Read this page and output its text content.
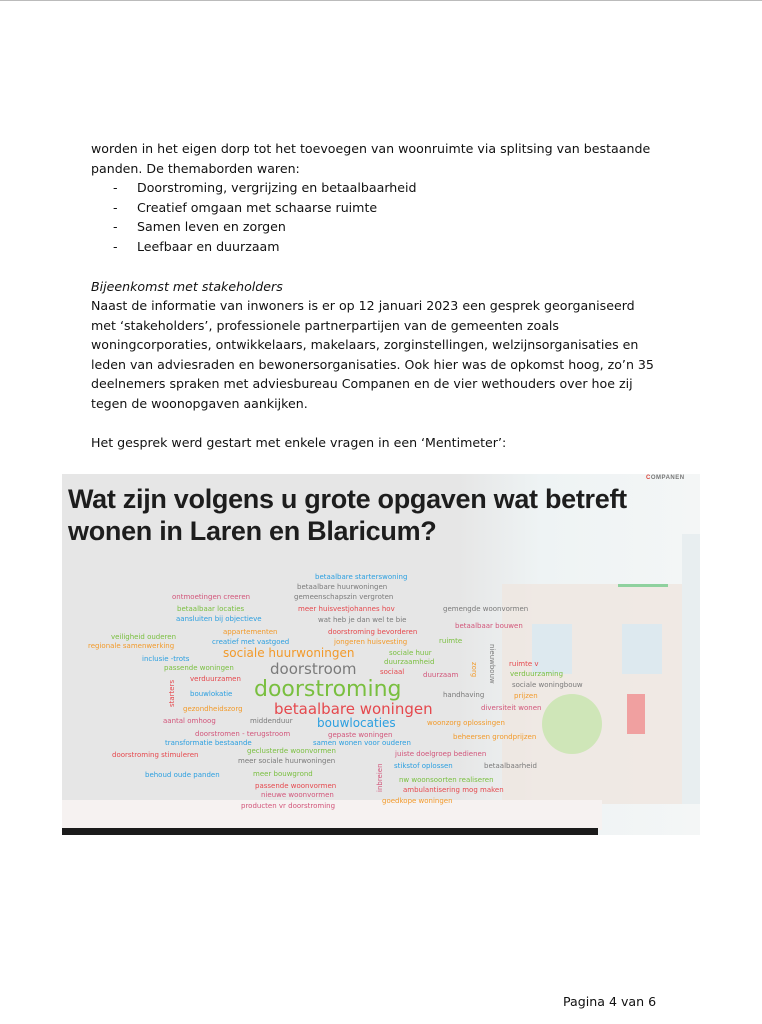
worden in het eigen dorp tot het toevoegen van woonruimte via splitsing van bestaande
panden. De themaborden waren:
- Doorstroming, vergrijzing en betaalbaarheid
- Creatief omgaan met schaarse ruimte
- Samen leven en zorgen
- Leefbaar en duurzaam
Bijeenkomst met stakeholders
Naast de informatie van inwoners is er op 12 januari 2023 een gesprek georganiseerd
met ‘stakeholders’, professionele partnerpartijen van de gemeenten zoals
woningcorporaties, ontwikkelaars, makelaars, zorginstellingen, welzijnsorganisaties en
leden van adviesraden en bewonersorganisaties. Ook hier was de opkomst hoog, zo’n 35
deelnemers spraken met adviesbureau Companen en de vier wethouders over hoe zij
tegen de woonopgaven aankijken.
Het gesprek werd gestart met enkele vragen in een ‘Mentimeter’:
Wat zijn volgens u grote opgaven wat betreft
wonen in Laren en Blaricum?
COMPANEN
betaalbare starterswoning
betaalbare huurwoningen
gemeenschapszin vergroten
ontmoetingen creeren
betaalbaar locaties	meer huisvestjohannes hov	gemengde woonvormen
aansluiten bij objectieve	wat heb je dan wel te bie
betaalbaar bouwen
veiligheid ouderen
appartementen	doorstroming bevorderen
regionale samenwerking	creatief met vastgoed	jongeren huisvesting	ruimte
sociale huurwoningen	sociale huur
inclusie -trots	duurzaamheid
passende woningen doorstroom	sociaal	duurzaam
verduurzamen doorstroming	handhaving
bouwlokatie
gezondheidszorg betaalbare woningen
aantal omhoog	middenduur bouwlocaties	woonzorg oplossingen
doorstromen - terugstroom	gepaste woningen
transformatie bestaande	samen wonen voor ouderen
beheersen grondprijzen
doorstroming stimuleren	geclusterde woonvormen	juiste doelgroep bedienen
meer sociale huurwoningen
stikstof oplossen	betaalbaarheid
behoud oude panden	meer bouwgrond
nw woonsoorten realiseren
passende woonvormen	ambulantisering mog maken
nieuwe woonvormen
goedkope woningen
producten vr doorstroming
ruimte v
verduurzaming
sociale woningbouw
prijzen
diversiteit wonen
starters
zorg nieuwbouw
inbreien
Pagina 4 van 6
